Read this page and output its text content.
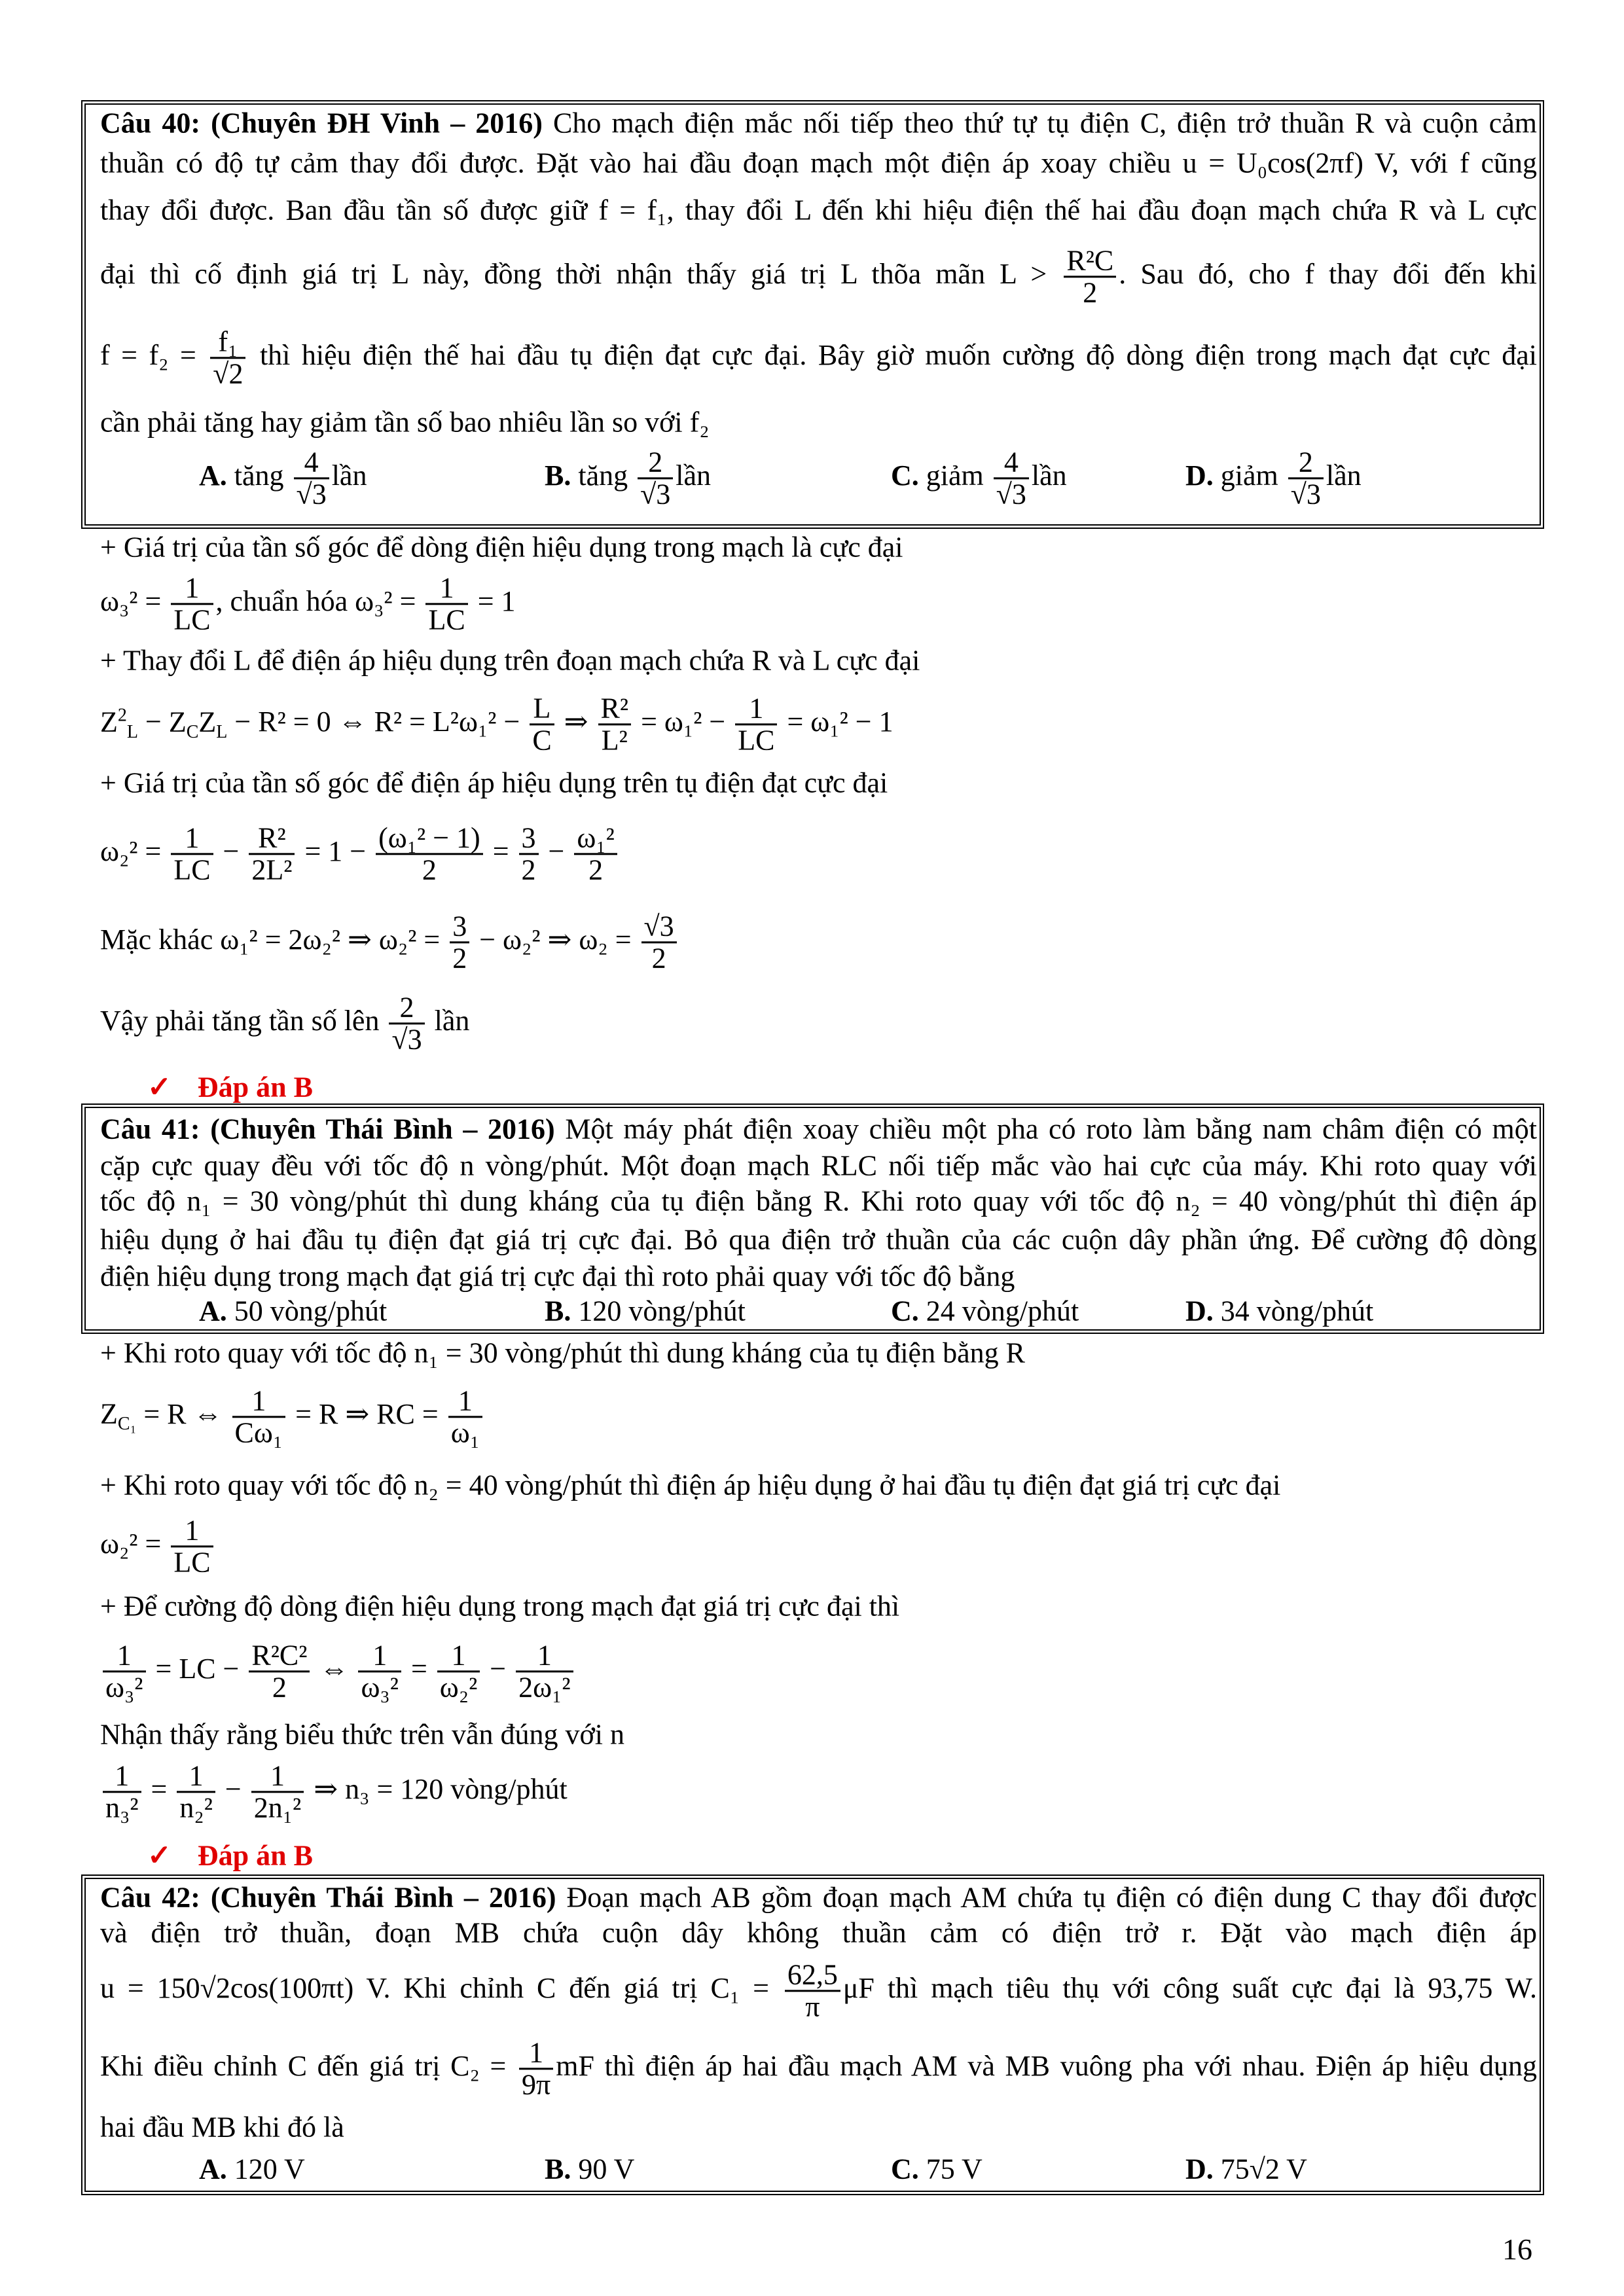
Câu 40: (Chuyên ĐH Vinh – 2016) Cho mạch điện mắc nối tiếp theo thứ tự tụ điện C, điện trở thuần R và cuộn cảm
thuần có độ tự cảm thay đổi được. Đặt vào hai đầu đoạn mạch một điện áp xoay chiều u = U₀cos(2πf) V, với f cũng
thay đổi được. Ban đầu tần số được giữ f = f₁, thay đổi L đến khi hiệu điện thế hai đầu đoạn mạch chứa R và L cực
đại thì cố định giá trị L này, đồng thời nhận thấy giá trị L thõa mãn $L > \frac{\text{R²C}}{2}$ . Sau đó, cho f thay đổi đến khi
$f = f_2 = \frac{\text{f₁}}{√2}$ thì hiệu điện thế hai đầu tụ điện đạt cực đại. Bây giờ muốn cường độ dòng điện trong mạch đạt cực đại
cần phải tăng hay giảm tần số bao nhiêu lần so với f₂
A. tăng $\frac{4}{√3}$ lần	B. tăng $\frac{2}{√3}$ lần	C. giảm $\frac{4}{√3}$ lần	D. giảm $\frac{2}{√3}$ lần
+ Giá trị của tần số góc để dòng điện hiệu dụng trong mạch là cực đại
$\omega_3^2 = \frac{1}{LC}$ , chuẩn hóa $\omega_3^2 = \frac{1}{LC} = 1$
+ Thay đổi L để điện áp hiệu dụng trên đoạn mạch chứa R và L cực đại
$Z^2_L - Z_CZ_L - R^2 = 0$ ⇔ $R^2 = L^2\omega_1^2 - \frac{L}{C}$ ⇒ $\frac{\text{R²}}{\text{L²}} = \omega_1^2 - \frac{1}{LC} = \omega_1^2 - 1$
+ Giá trị của tần số góc để điện áp hiệu dụng trên tụ điện đạt cực đại
$\omega_2^2 = \frac{1}{LC} - \frac{\text{R²}}{\text{2L²}} = 1 - \frac{\text{(ω₁² − 1)}}{2} = \frac{3}{2} - \frac{\text{ω₁²}}{2}$
Mặc khác ω₁² = 2ω₂² ⇒ $\omega_2^2 = \frac{3}{2} - \omega_2^2$ ⇒ $\omega_2 = \frac{√3}{2}$
Vậy phải tăng tần số lên $\frac{2}{√3}$ lần
✓ Đáp án B
Câu 41: (Chuyên Thái Bình – 2016) Một máy phát điện xoay chiều một pha có roto làm bằng nam châm điện có một
cặp cực quay đều với tốc độ n vòng/phút. Một đoạn mạch RLC nối tiếp mắc vào hai cực của máy. Khi roto quay với
tốc độ n₁ = 30 vòng/phút thì dung kháng của tụ điện bằng R. Khi roto quay với tốc độ n₂ = 40 vòng/phút thì điện áp
hiệu dụng ở hai đầu tụ điện đạt giá trị cực đại. Bỏ qua điện trở thuần của các cuộn dây phần ứng. Để cường độ dòng
điện hiệu dụng trong mạch đạt giá trị cực đại thì roto phải quay với tốc độ bằng
A. 50 vòng/phút	B. 120 vòng/phút	C. 24 vòng/phút	D. 34 vòng/phút
+ Khi roto quay với tốc độ n₁ = 30 vòng/phút thì dung kháng của tụ điện bằng R
$Z_{C_1} = R$ ⇔ $\frac{1}{\text{Cω₁}} = R$ ⇒ RC = $\frac{1}{\text{ω₁}}$
+ Khi roto quay với tốc độ n₂ = 40 vòng/phút thì điện áp hiệu dụng ở hai đầu tụ điện đạt giá trị cực đại
$\omega_2^2 = \frac{1}{LC}$
+ Để cường độ dòng điện hiệu dụng trong mạch đạt giá trị cực đại thì
$\frac{1}{\text{ω₃²}}$ = LC − $\frac{\text{R²C²}}{2}$ ⇔ $\frac{1}{\text{ω₃²}} = \frac{1}{\text{ω₂²}} - \frac{1}{\text{2ω₁²}}$
Nhận thấy rằng biểu thức trên vẫn đúng với n
$\frac{1}{\text{n₃²}} = \frac{1}{\text{n₂²}} - \frac{1}{\text{2n₁²}}$ ⇒ n₃ = 120 vòng/phút
✓ Đáp án B
Câu 42: (Chuyên Thái Bình – 2016) Đoạn mạch AB gồm đoạn mạch AM chứa tụ điện có điện dung C thay đổi được
và điện trở thuần, đoạn MB chứa cuộn dây không thuần cảm có điện trở r. Đặt vào mạch điện áp
u = 150√2cos(100πt) V. Khi chỉnh C đến giá trị $C_1 = \frac{62,5}{\pi}$ μF thì mạch tiêu thụ với công suất cực đại là 93,75 W.
Khi điều chỉnh C đến giá trị $C_2 = \frac{1}{9\pi}$ mF thì điện áp hai đầu mạch AM và MB vuông pha với nhau. Điện áp hiệu dụng
hai đầu MB khi đó là
A. 120 V	B. 90 V	C. 75 V	D. 75√2 V
16
